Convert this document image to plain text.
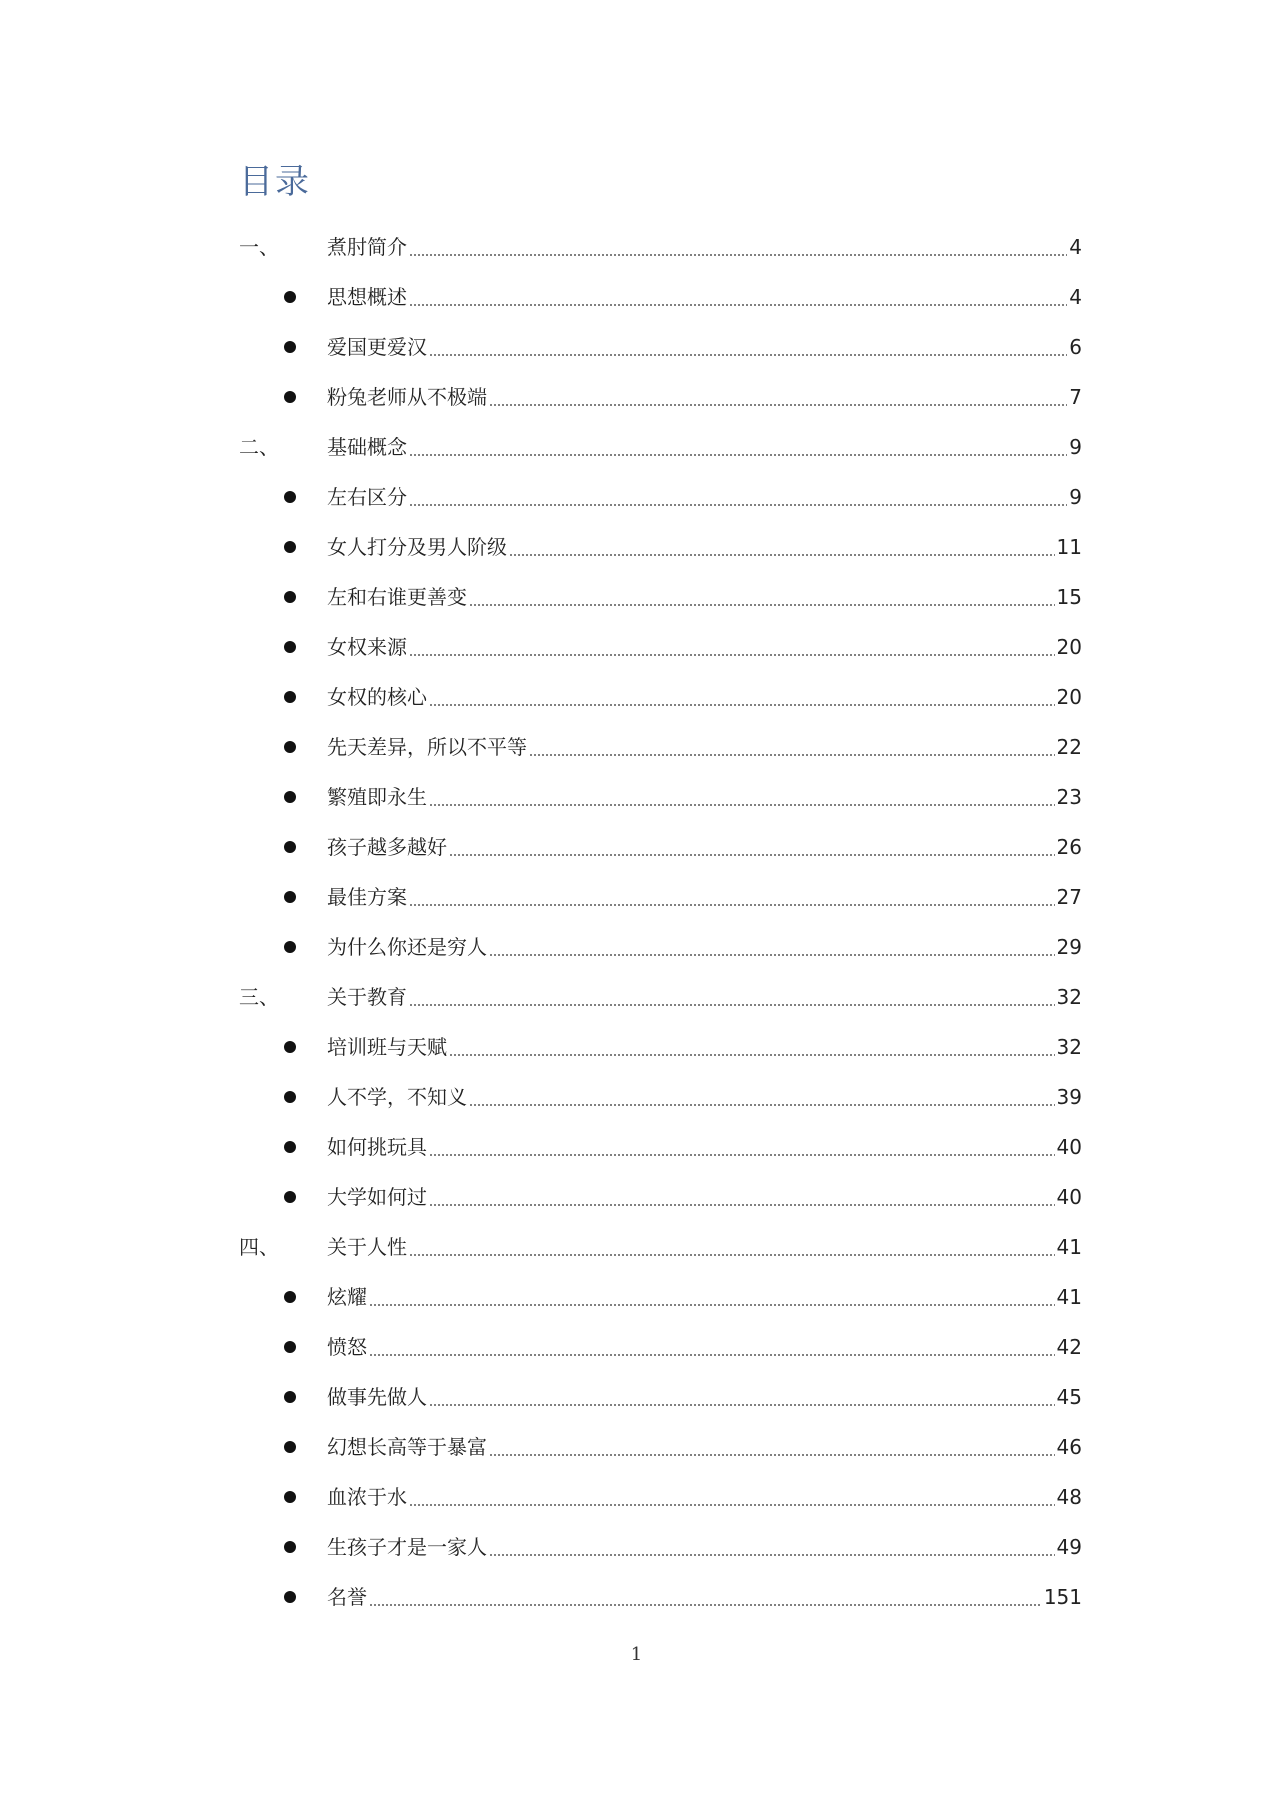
目录
一、	煮肘简介	4
思想概述	4
爱国更爱汉	6
粉兔老师从不极端	7
二、	基础概念	9
左右区分	9
女人打分及男人阶级	11
左和右谁更善变	15
女权来源	20
女权的核心	20
先天差异，所以不平等	22
繁殖即永生	23
孩子越多越好	26
最佳方案	27
为什么你还是穷人	29
三、	关于教育	32
培训班与天赋	32
人不学，不知义	39
如何挑玩具	40
大学如何过	40
四、	关于人性	41
炫耀	41
愤怒	42
做事先做人	45
幻想长高等于暴富	46
血浓于水	48
生孩子才是一家人	49
名誉	151
1
